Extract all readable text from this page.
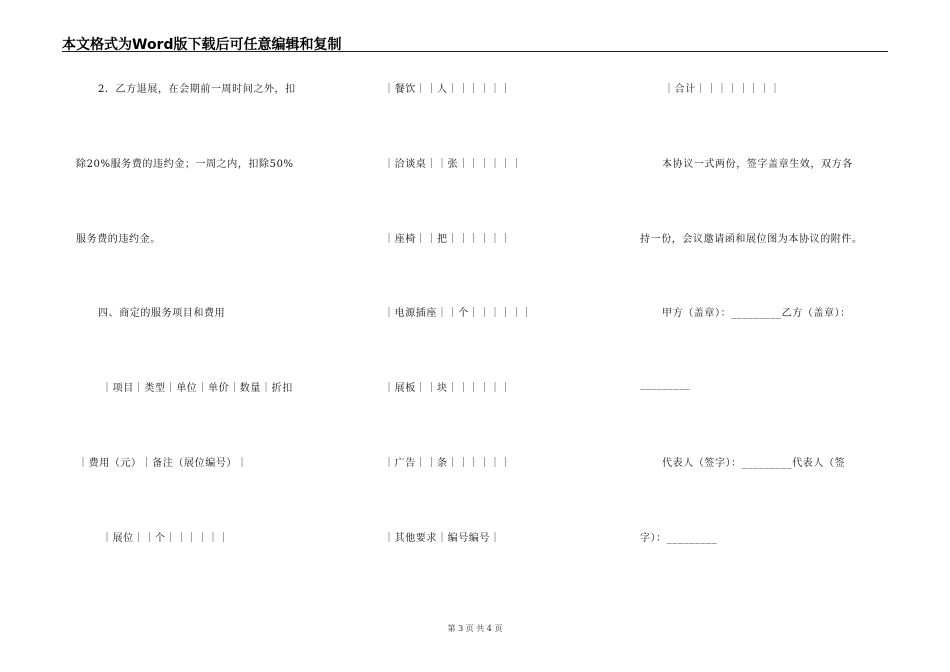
本文格式为Word版下载后可任意编辑和复制
2．乙方退展，在会期前一周时间之外，扣
除20%服务费的违约金；一周之内，扣除50%
服务费的违约金。
四、商定的服务项目和费用
｜项目｜类型｜单位｜单价｜数量｜折扣
｜费用（元）｜备注（展位编号）｜
｜展位｜｜个｜｜｜｜｜｜
｜餐饮｜｜人｜｜｜｜｜｜
｜洽谈桌｜｜张｜｜｜｜｜｜
｜座椅｜｜把｜｜｜｜｜｜
｜电源插座｜｜个｜｜｜｜｜｜
｜展板｜｜块｜｜｜｜｜｜
｜广告｜｜条｜｜｜｜｜｜
｜其他要求｜编号编号｜
｜合计｜｜｜｜｜｜｜｜
本协议一式两份，签字盖章生效，双方各
持一份，会议邀请函和展位图为本协议的附件。
甲方（盖章）：_________乙方（盖章）：
_________
代表人（签字）：_________代表人（签
字）：_________
第 3 页 共 4 页
